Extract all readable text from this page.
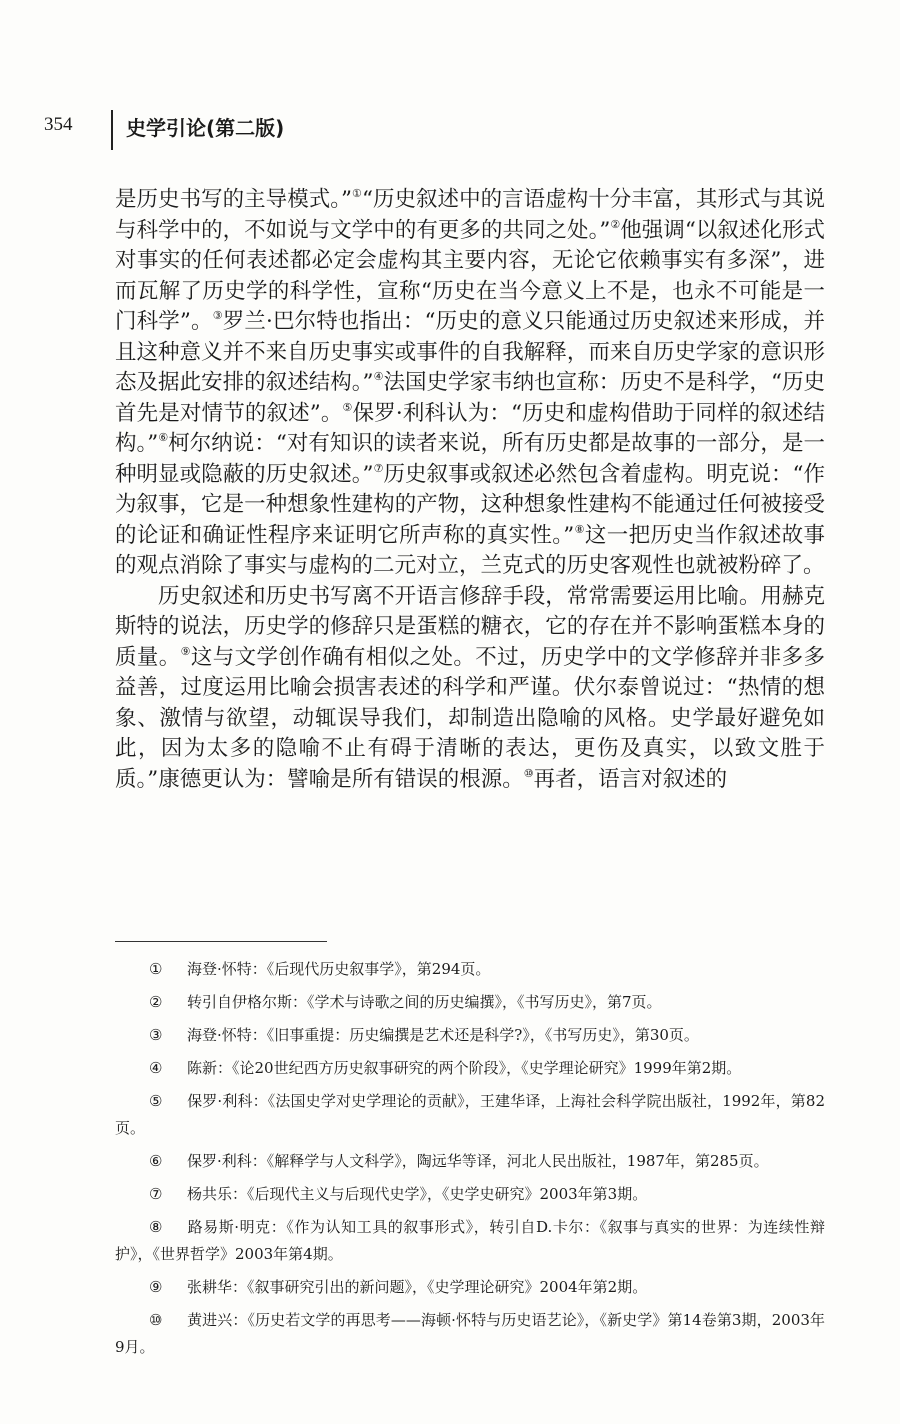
354	史学引论(第二版)

是历史书写的主导模式。”①“历史叙述中的言语虚构十分丰富，其形式与其说与科学中的，不如说与文学中的有更多的共同之处。”②他强调“以叙述化形式对事实的任何表述都必定会虚构其主要内容，无论它依赖事实有多深”，进而瓦解了历史学的科学性，宣称“历史在当今意义上不是，也永不可能是一门科学”。③罗兰·巴尔特也指出：“历史的意义只能通过历史叙述来形成，并且这种意义并不来自历史事实或事件的自我解释，而来自历史学家的意识形态及据此安排的叙述结构。”④法国史学家韦纳也宣称：历史不是科学，“历史首先是对情节的叙述”。⑤保罗·利科认为：“历史和虚构借助于同样的叙述结构。”⑥柯尔纳说：“对有知识的读者来说，所有历史都是故事的一部分，是一种明显或隐蔽的历史叙述。”⑦历史叙事或叙述必然包含着虚构。明克说：“作为叙事，它是一种想象性建构的产物，这种想象性建构不能通过任何被接受的论证和确证性程序来证明它所声称的真实性。”⑧这一把历史当作叙述故事的观点消除了事实与虚构的二元对立，兰克式的历史客观性也就被粉碎了。

历史叙述和历史书写离不开语言修辞手段，常常需要运用比喻。用赫克斯特的说法，历史学的修辞只是蛋糕的糖衣，它的存在并不影响蛋糕本身的质量。⑨这与文学创作确有相似之处。不过，历史学中的文学修辞并非多多益善，过度运用比喻会损害表述的科学和严谨。伏尔泰曾说过：“热情的想象、激情与欲望，动辄误导我们，却制造出隐喻的风格。史学最好避免如此，因为太多的隐喻不止有碍于清晰的表达，更伤及真实，以致文胜于质。”康德更认为：譬喻是所有错误的根源。⑩再者，语言对叙述的

① 海登·怀特：《后现代历史叙事学》，第294页。

② 转引自伊格尔斯：《学术与诗歌之间的历史编撰》，《书写历史》，第7页。

③ 海登·怀特：《旧事重提：历史编撰是艺术还是科学?》，《书写历史》，第30页。

④ 陈新：《论20世纪西方历史叙事研究的两个阶段》，《史学理论研究》1999年第2期。

⑤ 保罗·利科：《法国史学对史学理论的贡献》，王建华译，上海社会科学院出版社，1992年，第82页。

⑥ 保罗·利科：《解释学与人文科学》，陶远华等译，河北人民出版社，1987年，第285页。

⑦ 杨共乐：《后现代主义与后现代史学》，《史学史研究》2003年第3期。

⑧ 路易斯·明克：《作为认知工具的叙事形式》，转引自D.卡尔：《叙事与真实的世界：为连续性辩护》，《世界哲学》2003年第4期。

⑨ 张耕华：《叙事研究引出的新问题》，《史学理论研究》2004年第2期。

⑩ 黄进兴：《历史若文学的再思考——海顿·怀特与历史语艺论》，《新史学》第14卷第3期，2003年9月。
